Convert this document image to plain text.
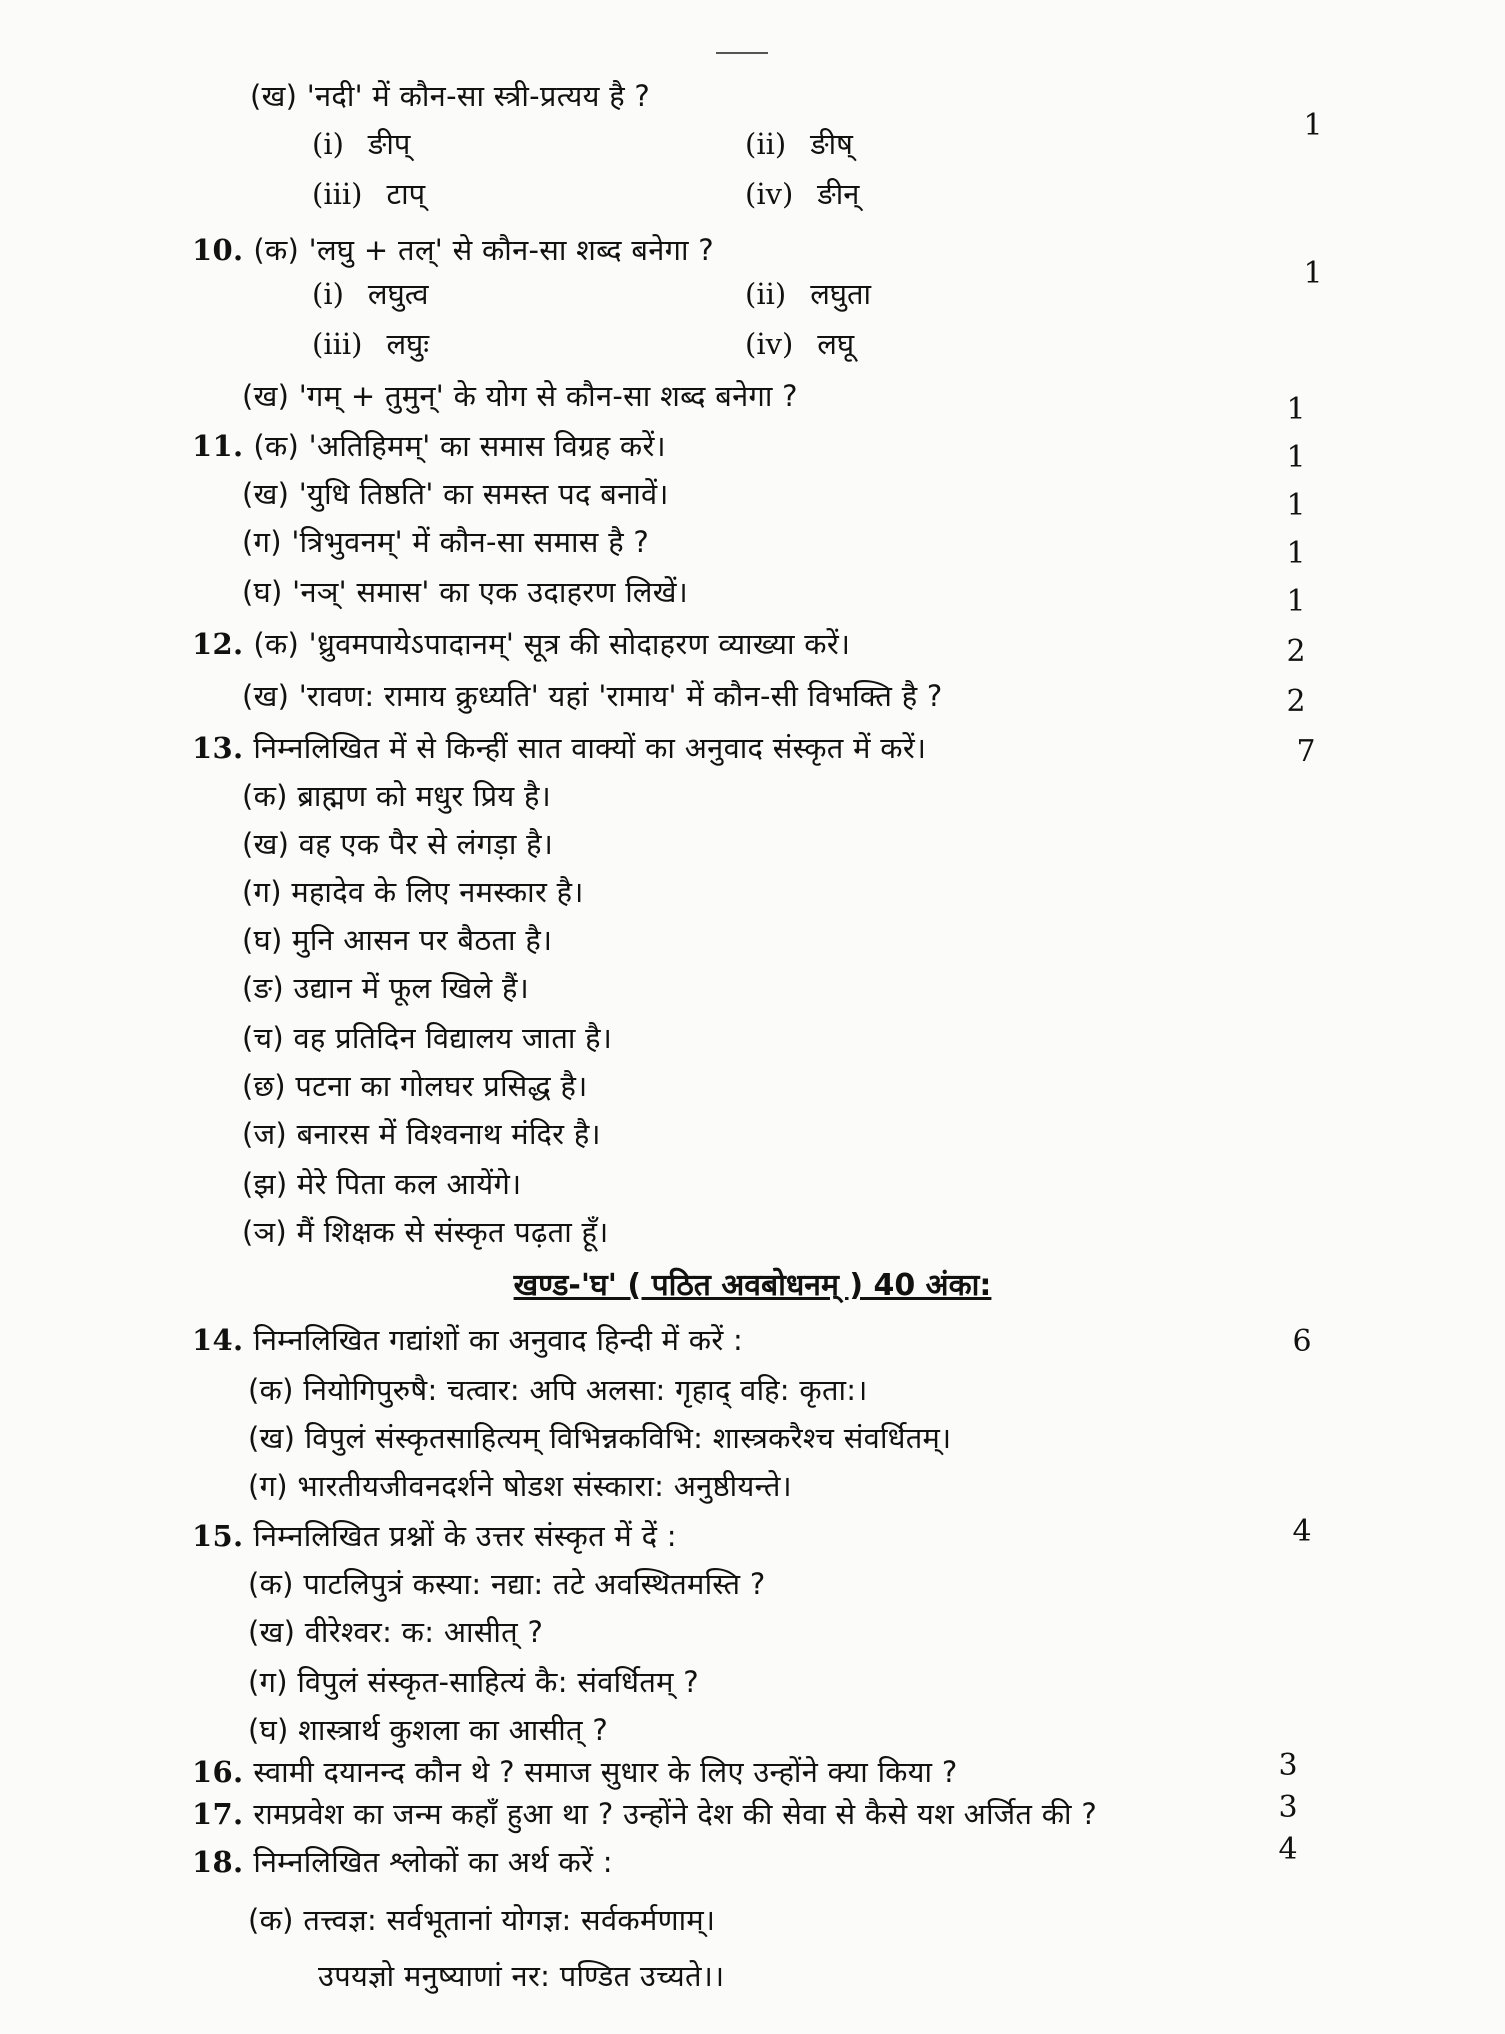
(ख) 'नदी' में कौन-सा स्त्री-प्रत्यय है ?
1
(i) ङीप्	(ii) ङीष्
(iii) टाप्	(iv) ङीन्
10. (क) 'लघु + तल्' से कौन-सा शब्द बनेगा ?
1
(i) लघुत्व	(ii) लघुता
(iii) लघुः	(iv) लघू
(ख) 'गम् + तुमुन्' के योग से कौन-सा शब्द बनेगा ?	1
11. (क) 'अतिहिमम्' का समास विग्रह करें।	1
(ख) 'युधि तिष्ठति' का समस्त पद बनावें।	1
(ग) 'त्रिभुवनम्' में कौन-सा समास है ?	1
(घ) 'नञ्' समास' का एक उदाहरण लिखें।	1
12. (क) 'ध्रुवमपायेऽपादानम्' सूत्र की सोदाहरण व्याख्या करें।	2
(ख) 'रावण: रामाय क्रुध्यति' यहां 'रामाय' में कौन-सी विभक्ति है ?	2
13. निम्नलिखित में से किन्हीं सात वाक्यों का अनुवाद संस्कृत में करें।	7
(क) ब्राह्मण को मधुर प्रिय है।
(ख) वह एक पैर से लंगड़ा है।
(ग) महादेव के लिए नमस्कार है।
(घ) मुनि आसन पर बैठता है।
(ङ) उद्यान में फूल खिले हैं।
(च) वह प्रतिदिन विद्यालय जाता है।
(छ) पटना का गोलघर प्रसिद्ध है।
(ज) बनारस में विश्वनाथ मंदिर है।
(झ) मेरे पिता कल आयेंगे।
(ञ) मैं शिक्षक से संस्कृत पढ़ता हूँ।
खण्ड-'घ' ( पठित अवबोधनम् ) 40 अंका:
14. निम्नलिखित गद्यांशों का अनुवाद हिन्दी में करें :	6
(क) नियोगिपुरुषै: चत्वार: अपि अलसा: गृहाद् वहि: कृता:।
(ख) विपुलं संस्कृतसाहित्यम् विभिन्नकविभि: शास्त्रकरैश्च संवर्धितम्।
(ग) भारतीयजीवनदर्शने षोडश संस्कारा: अनुष्ठीयन्ते।
15. निम्नलिखित प्रश्नों के उत्तर संस्कृत में दें :	4
(क) पाटलिपुत्रं कस्या: नद्या: तटे अवस्थितमस्ति ?
(ख) वीरेश्वर: क: आसीत् ?
(ग) विपुलं संस्कृत-साहित्यं कै: संवर्धितम् ?
(घ) शास्त्रार्थ कुशला का आसीत् ?
16. स्वामी दयानन्द कौन थे ? समाज सुधार के लिए उन्होंने क्या किया ?	3
17. रामप्रवेश का जन्म कहाँ हुआ था ? उन्होंने देश की सेवा से कैसे यश अर्जित की ?	3
18. निम्नलिखित श्लोकों का अर्थ करें :	4
(क) तत्त्वज्ञ: सर्वभूतानां योगज्ञ: सर्वकर्मणाम्।
उपयज्ञो मनुष्याणां नर: पण्डित उच्यते।।
